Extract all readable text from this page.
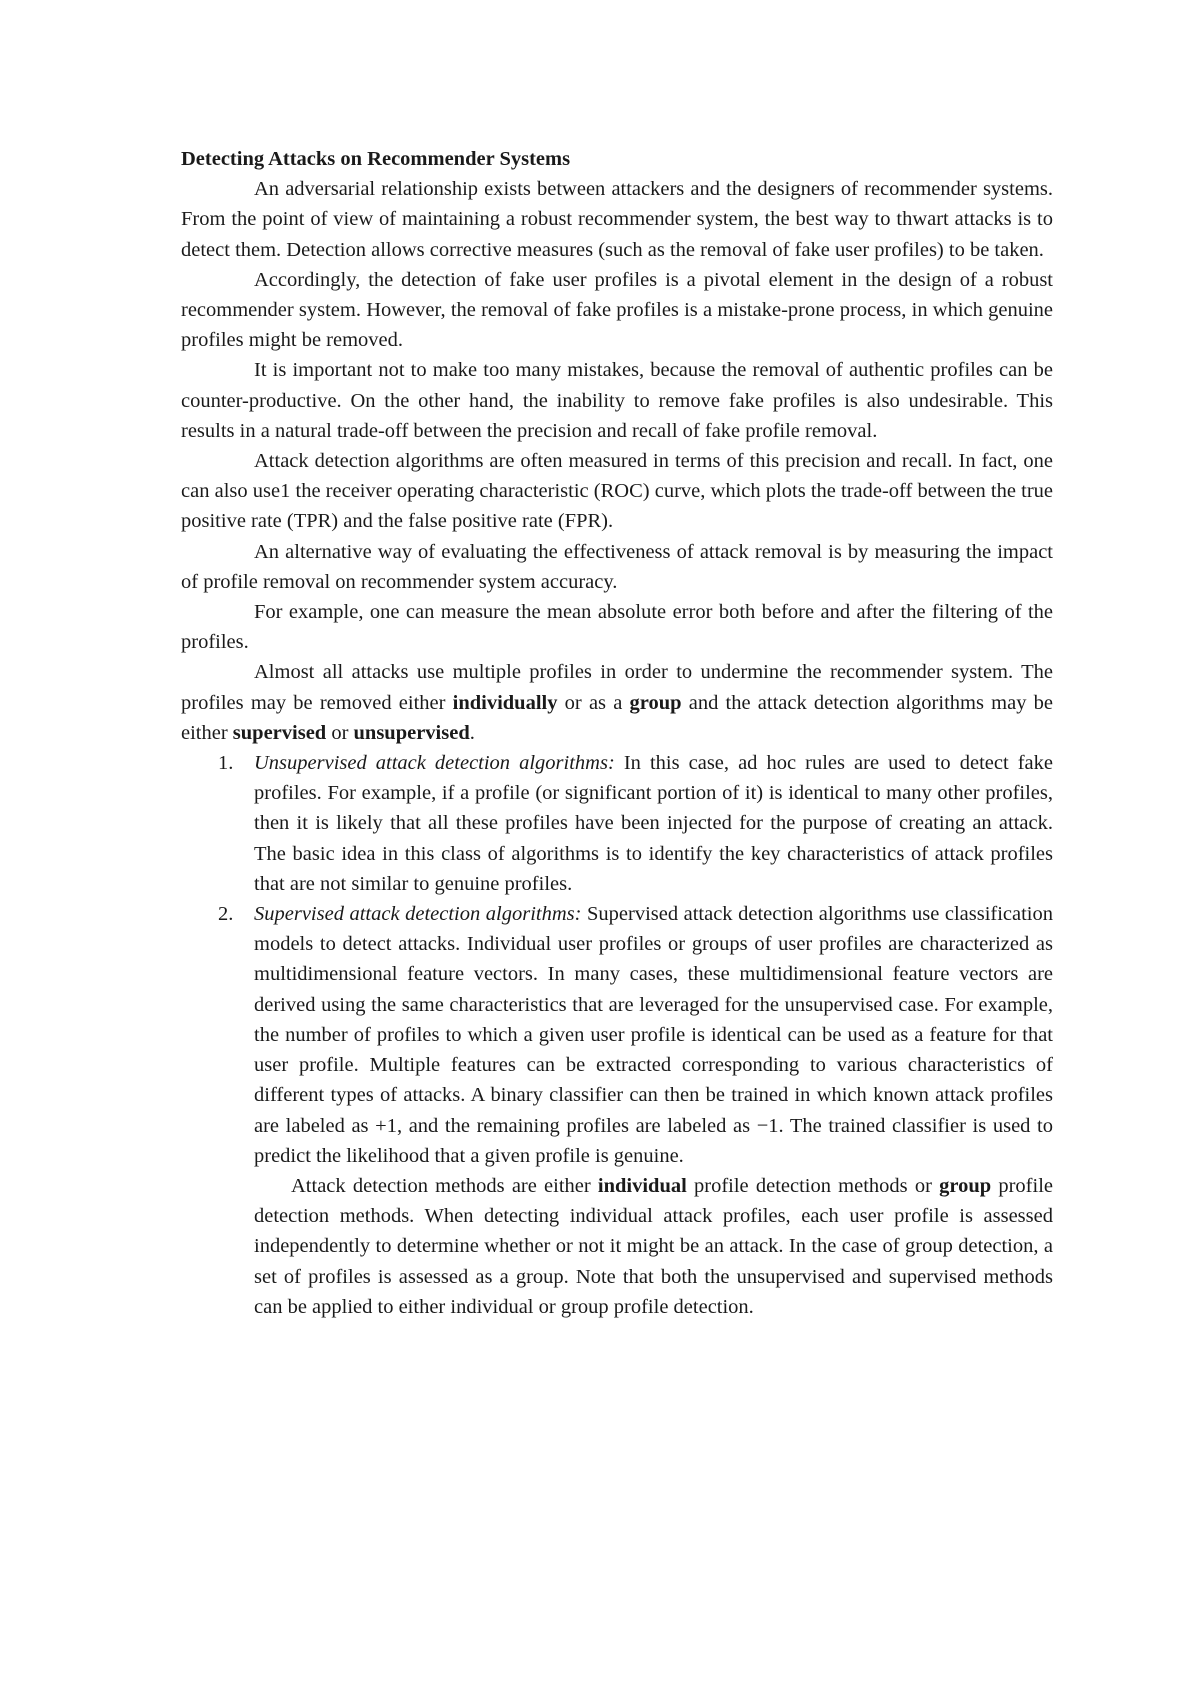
Detecting Attacks on Recommender Systems

An adversarial relationship exists between attackers and the designers of recommender systems. From the point of view of maintaining a robust recommender system, the best way to thwart attacks is to detect them. Detection allows corrective measures (such as the removal of fake user profiles) to be taken.

Accordingly, the detection of fake user profiles is a pivotal element in the design of a robust recommender system. However, the removal of fake profiles is a mistake-prone process, in which genuine profiles might be removed.

It is important not to make too many mistakes, because the removal of authentic profiles can be counter-productive. On the other hand, the inability to remove fake profiles is also undesirable. This results in a natural trade-off between the precision and recall of fake profile removal.

Attack detection algorithms are often measured in terms of this precision and recall. In fact, one can also use1 the receiver operating characteristic (ROC) curve, which plots the trade-off between the true positive rate (TPR) and the false positive rate (FPR).

An alternative way of evaluating the effectiveness of attack removal is by measuring the impact of profile removal on recommender system accuracy.

For example, one can measure the mean absolute error both before and after the filtering of the profiles.

Almost all attacks use multiple profiles in order to undermine the recommender system. The profiles may be removed either individually or as a group and the attack detection algorithms may be either supervised or unsupervised.

1. Unsupervised attack detection algorithms: In this case, ad hoc rules are used to detect fake profiles. For example, if a profile (or significant portion of it) is identical to many other profiles, then it is likely that all these profiles have been injected for the purpose of creating an attack. The basic idea in this class of algorithms is to identify the key characteristics of attack profiles that are not similar to genuine profiles.
2. Supervised attack detection algorithms: Supervised attack detection algorithms use classification models to detect attacks. Individual user profiles or groups of user profiles are characterized as multidimensional feature vectors. In many cases, these multidimensional feature vectors are derived using the same characteristics that are leveraged for the unsupervised case. For example, the number of profiles to which a given user profile is identical can be used as a feature for that user profile. Multiple features can be extracted corresponding to various characteristics of different types of attacks. A binary classifier can then be trained in which known attack profiles are labeled as +1, and the remaining profiles are labeled as −1. The trained classifier is used to predict the likelihood that a given profile is genuine.

Attack detection methods are either individual profile detection methods or group profile detection methods. When detecting individual attack profiles, each user profile is assessed independently to determine whether or not it might be an attack. In the case of group detection, a set of profiles is assessed as a group. Note that both the unsupervised and supervised methods can be applied to either individual or group profile detection.
